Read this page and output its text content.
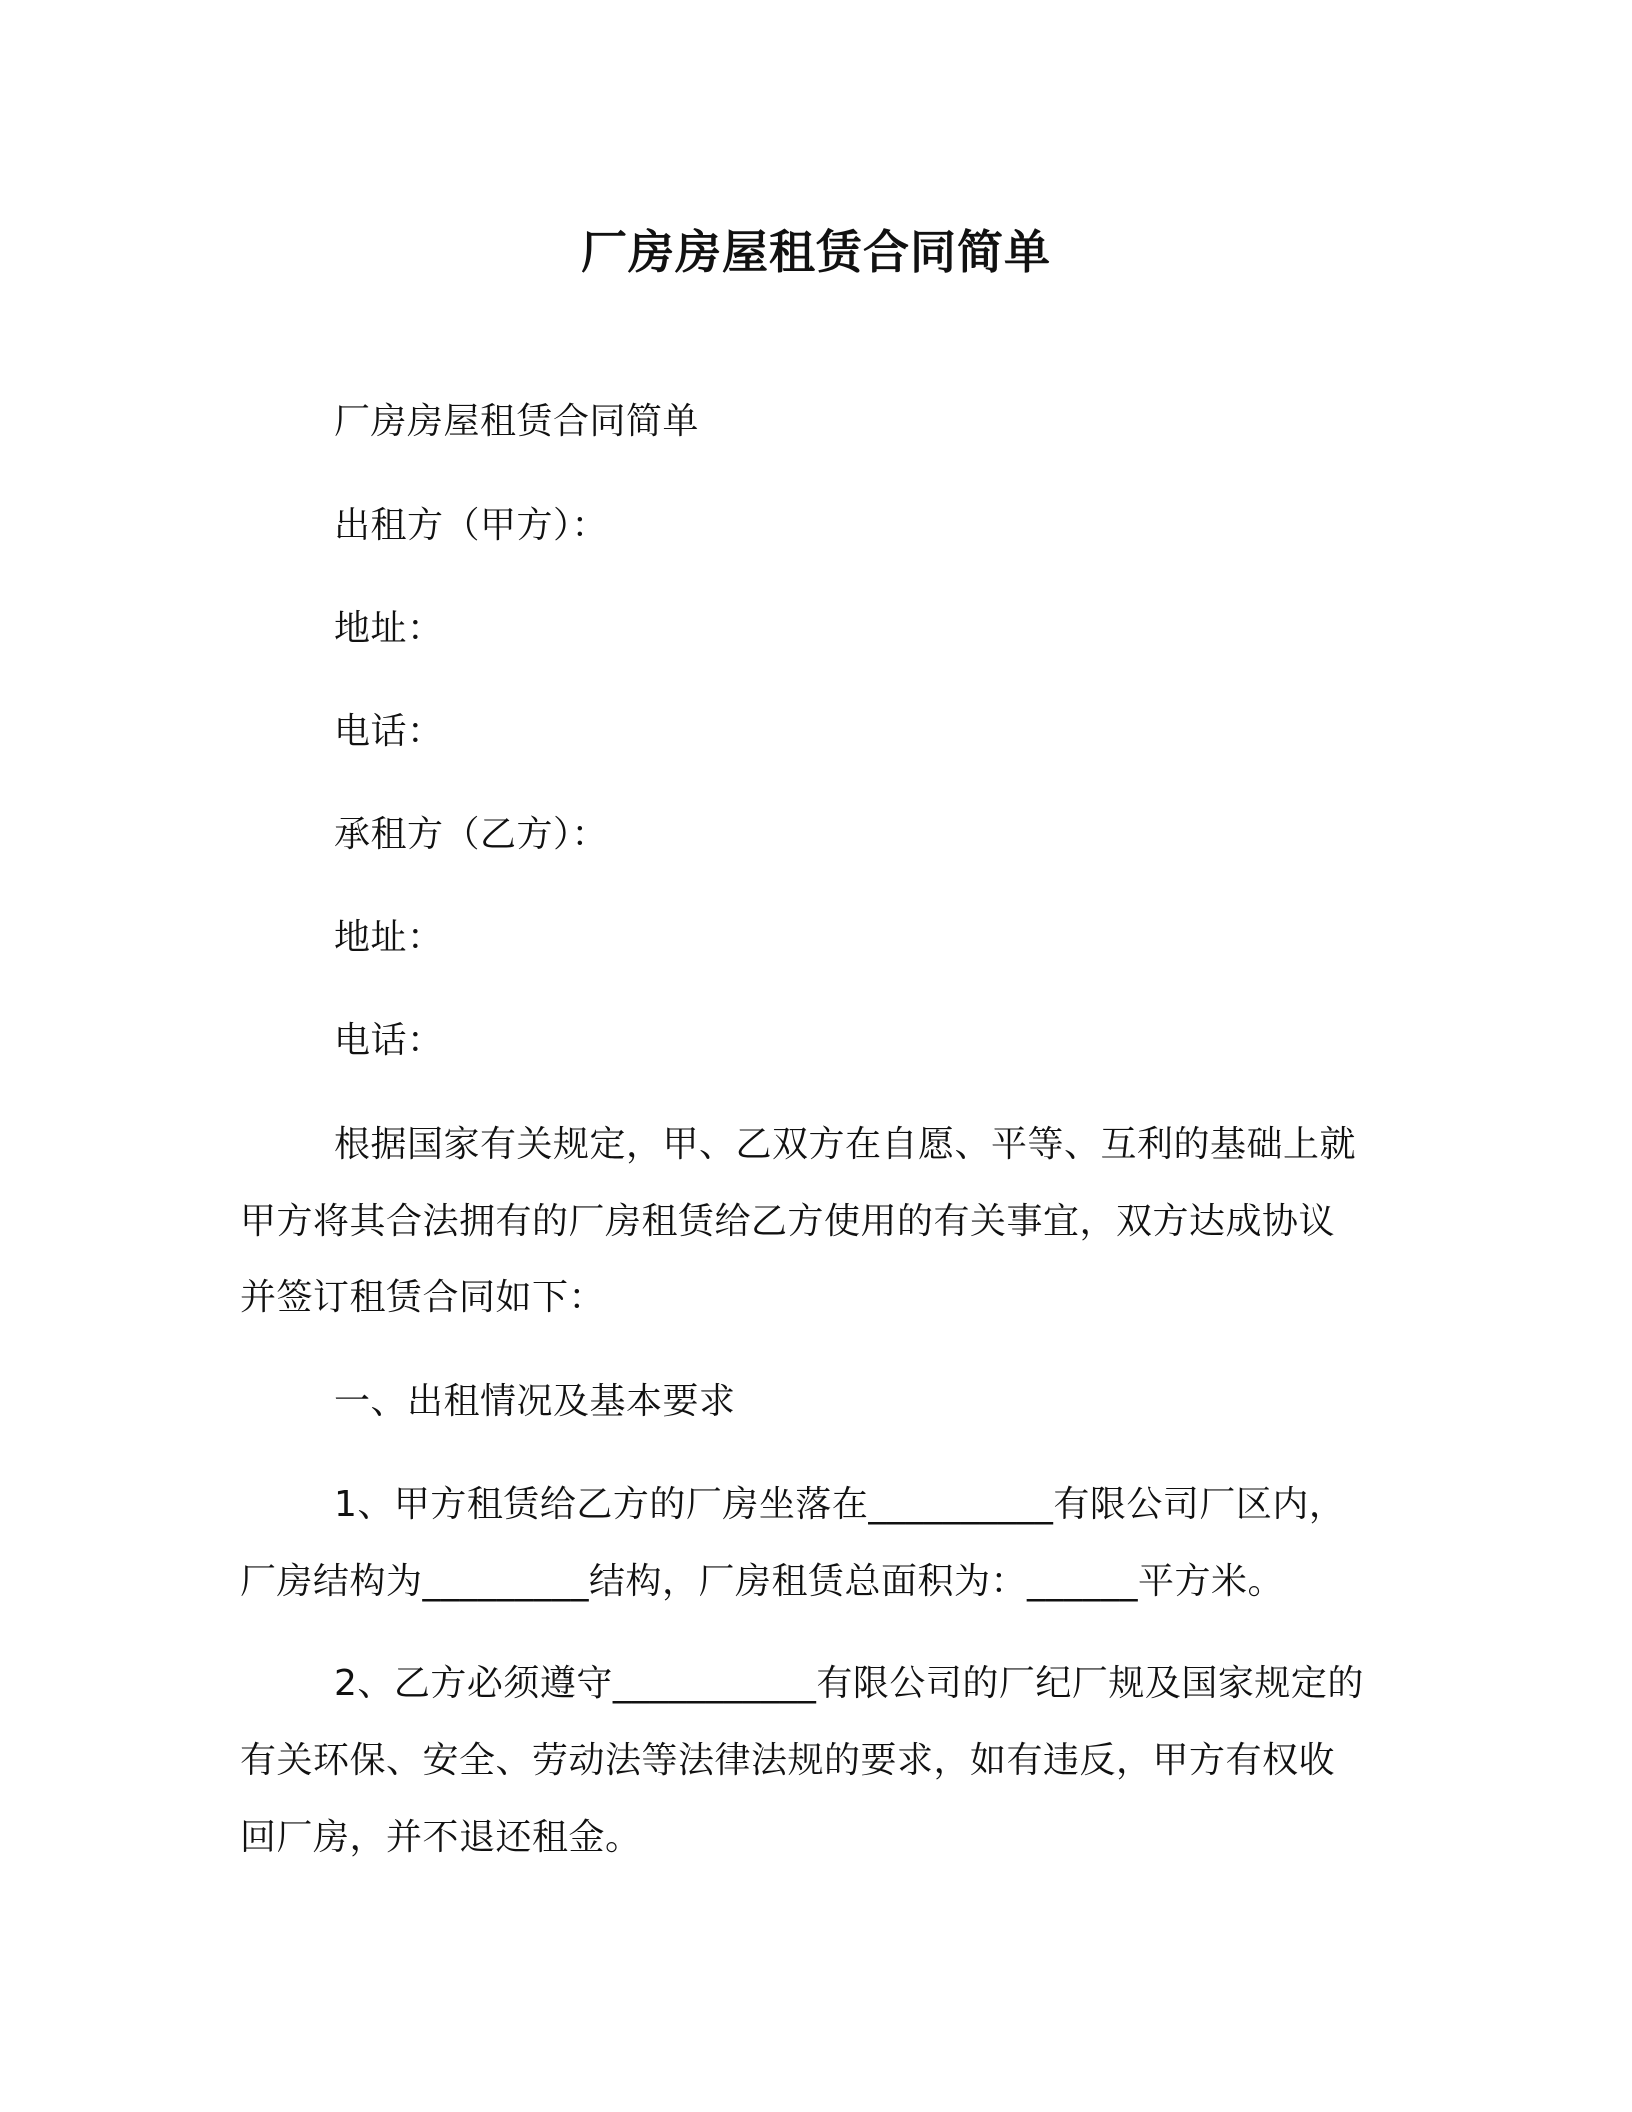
厂房房屋租赁合同简单
厂房房屋租赁合同简单
出租方（甲方）：
地址：
电话：
承租方（乙方）：
地址：
电话：
根据国家有关规定，甲、乙双方在自愿、平等、互利的基础上就
甲方将其合法拥有的厂房租赁给乙方使用的有关事宜，双方达成协议
并签订租赁合同如下：
一、出租情况及基本要求
1、甲方租赁给乙方的厂房坐落在__________有限公司厂区内，
厂房结构为_________结构，厂房租赁总面积为：______平方米。
2、乙方必须遵守___________有限公司的厂纪厂规及国家规定的
有关环保、安全、劳动法等法律法规的要求，如有违反，甲方有权收
回厂房，并不退还租金。
